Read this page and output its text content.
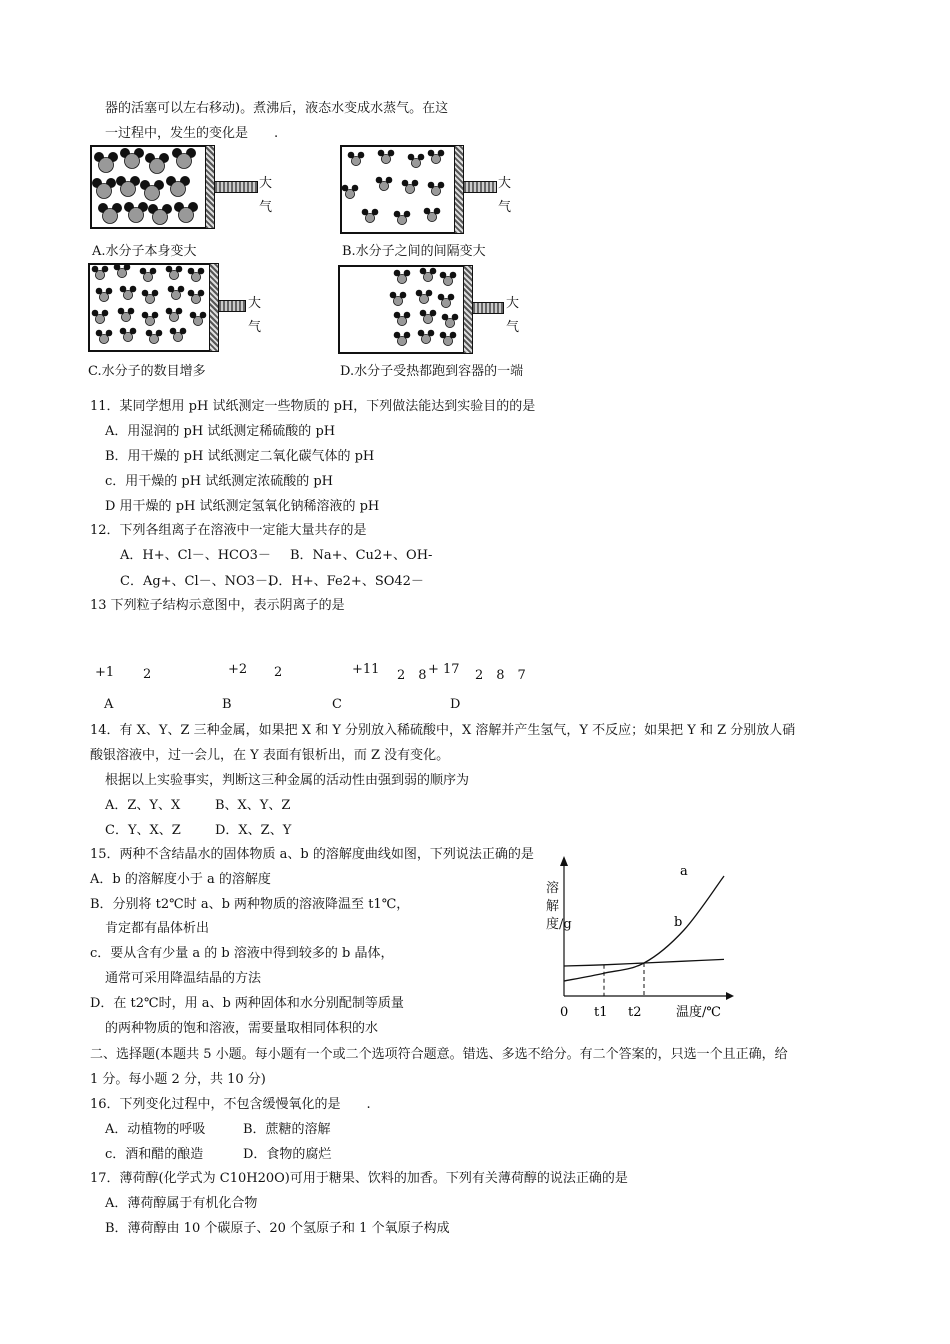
器的活塞可以左右移动)。煮沸后，液态水变成水蒸气。在这
一过程中，发生的变化是　　.
大气
A.水分子本身变大
大气
B.水分子之间的间隔变大
大气
C.水分子的数目增多
大气
D.水分子受热都跑到容器的一端
11．某同学想用 pH 试纸测定一些物质的 pH，下列做法能达到实验目的的是
A．用湿润的 pH 试纸测定稀硫酸的 pH
B．用干燥的 pH 试纸测定二氧化碳气体的 pH
c．用干燥的 pH 试纸测定浓硫酸的 pH
D 用干燥的 pH 试纸测定氢氧化钠稀溶液的 pH
12．下列各组离子在溶液中一定能大量共存的是
A．H+、Cl－、HCO3－ B．Na+、Cu2+、OH-
C．Ag+、Cl－、NO3－、
D．H+、Fe2+、SO42－
13 下列粒子结构示意图中，表示阴离子的是
+1 2	+2 2	+11 2　8 + 17 2　8　7
A	B	C	D
14．有 X、Y、Z 三种金属，如果把 X 和 Y 分别放入稀硫酸中，X 溶解并产生氢气，Y 不反应；如果把 Y 和 Z 分别放人硝
酸银溶液中，过一会儿，在 Y 表面有银析出，而 Z 没有变化。
根据以上实验事实，判断这三种金属的活动性由强到弱的顺序为
A．Z、Y、X	B、X、Y、Z
C．Y、X、Z	D．X、Z、Y
15．两种不含结晶水的固体物质 a、b 的溶解度曲线如图，下列说法正确的是
A．b 的溶解度小于 a 的溶解度
B．分别将 t2℃时 a、b 两种物质的溶液降温至 t1℃，
肯定都有晶体析出
c．要从含有少量 a 的 b 溶液中得到较多的 b 晶体，
通常可采用降温结晶的方法
D．在 t2℃时，用 a、b 两种固体和水分别配制等质量
的两种物质的饱和溶液，需要量取相同体积的水
a
b
0 t1 t2	温度/℃
溶解度/g
二、选择题(本题共 5 小题。每小题有一个或二个选项符合题意。错选、多选不给分。有二个答案的，只选一个且正确，给
1 分。每小题 2 分，共 10 分)
16．下列变化过程中，不包含缓慢氧化的是　　.
A．动植物的呼吸	B．蔗糖的溶解
c．酒和醋的酿造	D．食物的腐烂
17．薄荷醇(化学式为 C10H20O)可用于糖果、饮料的加香。下列有关薄荷醇的说法正确的是
A．薄荷醇属于有机化合物
B．薄荷醇由 10 个碳原子、20 个氢原子和 1 个氧原子构成
